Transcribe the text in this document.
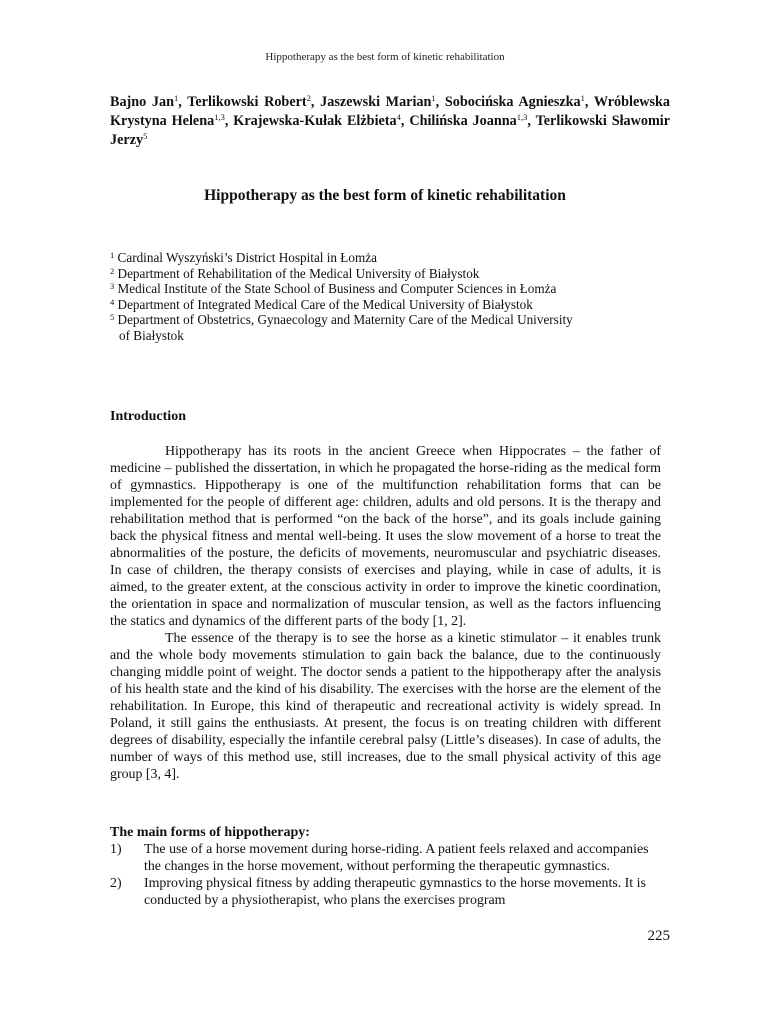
Hippotherapy as the best form of kinetic rehabilitation
Bajno Jan$^1$, Terlikowski Robert$^2$, Jaszewski Marian$^1$, Sobocińska Agnieszka$^1$, Wróblewska Krystyna Helena$^{1,3}$, Krajewska-Kułak Elżbieta$^4$, Chilińska Joanna$^{1,3}$, Terlikowski Sławomir Jerzy$^5$
Hippotherapy as the best form of kinetic rehabilitation
$^1$ Cardinal Wyszyński’s District Hospital in Łomża
$^2$ Department of Rehabilitation of the Medical University of Białystok
$^3$ Medical Institute of the State School of Business and Computer Sciences in Łomża
$^4$ Department of Integrated Medical Care of the Medical University of Białystok
$^5$ Department of Obstetrics, Gynaecology and Maternity Care of the Medical University
of Białystok
Introduction

Hippotherapy has its roots in the ancient Greece when Hippocrates – the father of medicine – published the dissertation, in which he propagated the horse-riding as the medical form of gymnastics. Hippotherapy is one of the multifunction rehabilitation forms that can be implemented for the people of different age: children, adults and old persons. It is the therapy and rehabilitation method that is performed “on the back of the horse”, and its goals include gaining back the physical fitness and mental well-being. It uses the slow movement of a horse to treat the abnormalities of the posture, the deficits of movements, neuromuscular and psychiatric diseases. In case of children, the therapy consists of exercises and playing, while in case of adults, it is aimed, to the greater extent, at the conscious activity in order to improve the kinetic coordination, the orientation in space and normalization of muscular tension, as well as the factors influencing the statics and dynamics of the different parts of the body [1, 2].

The essence of the therapy is to see the horse as a kinetic stimulator – it enables trunk and the whole body movements stimulation to gain back the balance, due to the continuously changing middle point of weight. The doctor sends a patient to the hippotherapy after the analysis of his health state and the kind of his disability. The exercises with the horse are the element of the rehabilitation. In Europe, this kind of therapeutic and recreational activity is widely spread. In Poland, it still gains the enthusiasts. At present, the focus is on treating children with different degrees of disability, especially the infantile cerebral palsy (Little’s diseases). In case of adults, the number of ways of this method use, still increases, due to the small physical activity of this age group [3, 4].

The main forms of hippotherapy:
1)	The use of a horse movement during horse-riding. A patient feels relaxed and accompanies the changes in the horse movement, without performing the therapeutic gymnastics.
2)	Improving physical fitness by adding therapeutic gymnastics to the horse movements. It is conducted by a physiotherapist, who plans the exercises program
225
